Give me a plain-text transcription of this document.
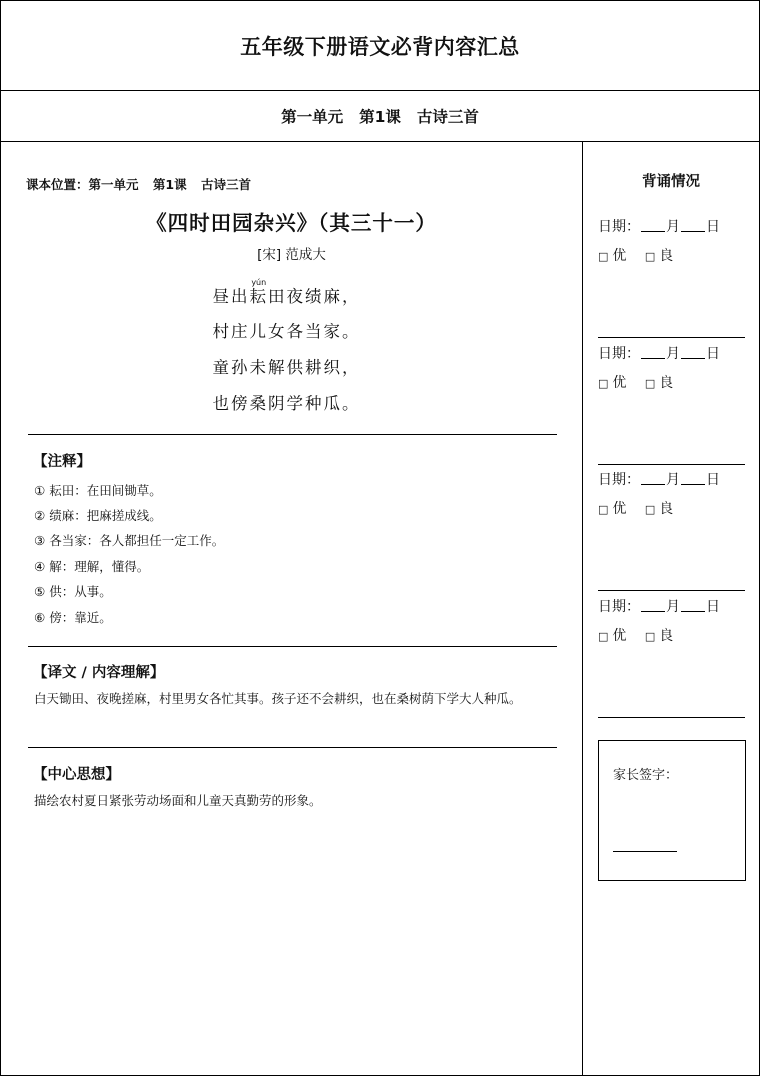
五年级下册语文必背内容汇总
第一单元 第1课 古诗三首
课本位置：第一单元 第1课 古诗三首
《四时田园杂兴》（其三十一）
[宋] 范成大
昼出耘yún田夜绩麻，
村庄儿女各当家。
童孙未解供耕织，
也傍桑阴学种瓜。
【注释】
① 耘田：在田间锄草。
② 绩麻：把麻搓成线。
③ 各当家：各人都担任一定工作。
④ 解：理解，懂得。
⑤ 供：从事。
⑥ 傍：靠近。
【译文 / 内容理解】
白天锄田、夜晚搓麻，村里男女各忙其事。孩子还不会耕织，也在桑树荫下学大人种瓜。
【中心思想】
描绘农村夏日紧张劳动场面和儿童天真勤劳的形象。
背诵情况
日期： 月 日
□ 优 □ 良
日期： 月 日
□ 优 □ 良
日期： 月 日
□ 优 □ 良
日期： 月 日
□ 优 □ 良
家长签字：
